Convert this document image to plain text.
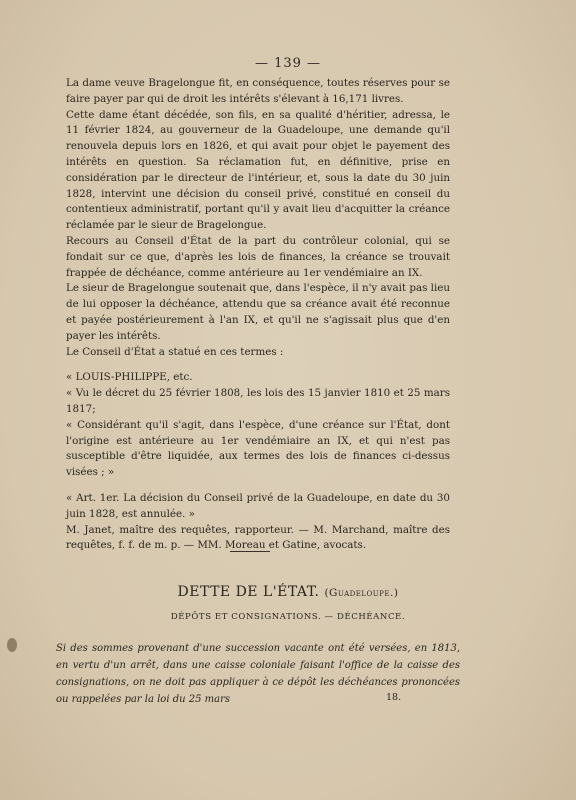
— 139 —

La dame veuve Bragelongue fit, en conséquence, toutes réserves pour se faire payer par qui de droit les intérêts s'élevant à 16,171 livres.

Cette dame étant décédée, son fils, en sa qualité d'héritier, adressa, le 11 février 1824, au gouverneur de la Guadeloupe, une demande qu'il renouvela depuis lors en 1826, et qui avait pour objet le payement des intérêts en question. Sa réclamation fut, en définitive, prise en considération par le directeur de l'intérieur, et, sous la date du 30 juin 1828, intervint une décision du conseil privé, constitué en conseil du contentieux administratif, portant qu'il y avait lieu d'acquitter la créance réclamée par le sieur de Bragelongue.

Recours au Conseil d'État de la part du contrôleur colonial, qui se fondait sur ce que, d'après les lois de finances, la créance se trouvait frappée de déchéance, comme antérieure au 1er vendémiaire an IX.

Le sieur de Bragelongue soutenait que, dans l'espèce, il n'y avait pas lieu de lui opposer la déchéance, attendu que sa créance avait été reconnue et payée postérieurement à l'an IX, et qu'il ne s'agissait plus que d'en payer les intérêts.

Le Conseil d'État a statué en ces termes :

« LOUIS-PHILIPPE, etc.

« Vu le décret du 25 février 1808, les lois des 15 janvier 1810 et 25 mars 1817;

« Considérant qu'il s'agit, dans l'espèce, d'une créance sur l'État, dont l'origine est antérieure au 1er vendémiaire an IX, et qui n'est pas susceptible d'être liquidée, aux termes des lois de finances ci-dessus visées ; »

« Art. 1er. La décision du Conseil privé de la Guadeloupe, en date du 30 juin 1828, est annulée. »

M. Janet, maître des requêtes, rapporteur. — M. Marchand, maître des requêtes, f. f. de m. p. — MM. Moreau et Gatine, avocats.

DETTE DE L'ÉTAT. (Guadeloupe.)
DÉPÔTS ET CONSIGNATIONS. — DÉCHÉANCE.
Si des sommes provenant d'une succession vacante ont été versées, en 1813, en vertu d'un arrêt, dans une caisse coloniale faisant l'office de la caisse des consignations, on ne doit pas appliquer à ce dépôt les déchéances prononcées ou rappelées par la loi du 25 mars	18.
